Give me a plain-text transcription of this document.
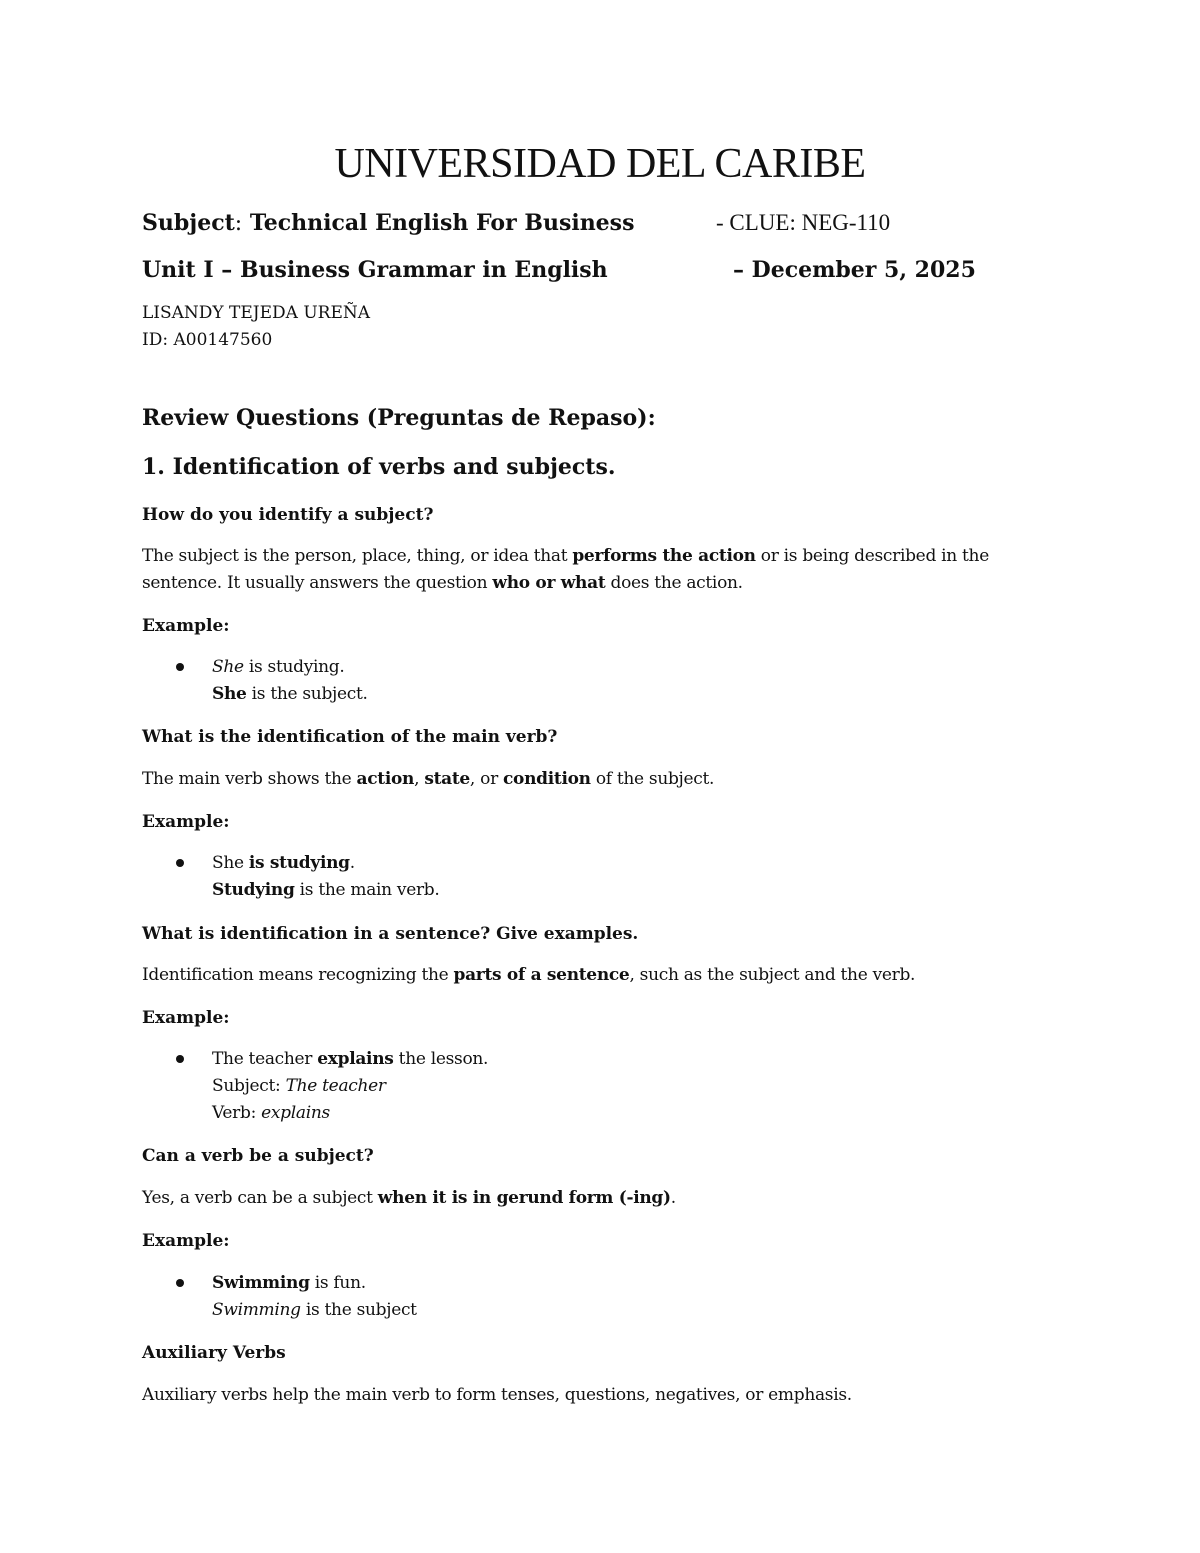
UNIVERSIDAD DEL CARIBE
Subject: Technical English For Business	- CLUE: NEG-110
Unit I – Business Grammar in English	– December 5, 2025
LISANDY TEJEDA UREÑA
ID: A00147560
Review Questions (Preguntas de Repaso):
1. Identification of verbs and subjects.
How do you identify a subject?
The subject is the person, place, thing, or idea that performs the action or is being described in the
sentence. It usually answers the question who or what does the action.
Example:
She is studying.
She is the subject.
What is the identification of the main verb?
The main verb shows the action, state, or condition of the subject.
Example:
She is studying.
Studying is the main verb.
What is identification in a sentence? Give examples.
Identification means recognizing the parts of a sentence, such as the subject and the verb.
Example:
The teacher explains the lesson.
Subject: The teacher
Verb: explains
Can a verb be a subject?
Yes, a verb can be a subject when it is in gerund form (-ing).
Example:
Swimming is fun.
Swimming is the subject
Auxiliary Verbs
Auxiliary verbs help the main verb to form tenses, questions, negatives, or emphasis.
